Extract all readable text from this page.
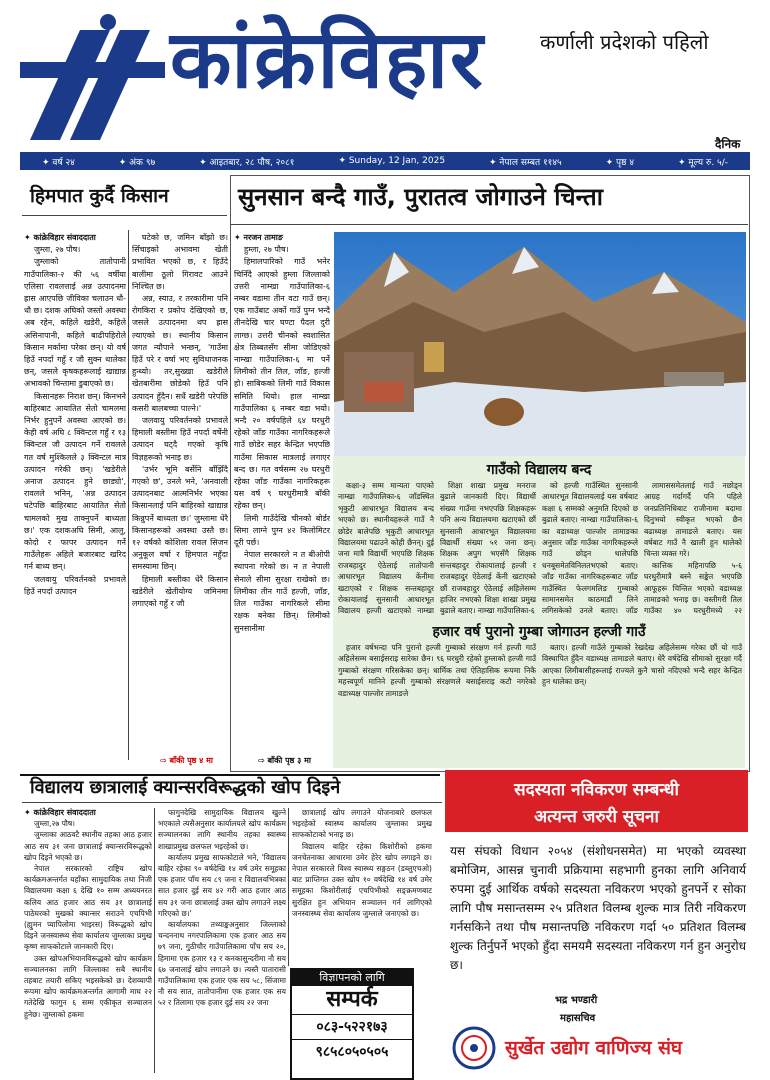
कांक्रेविहार	कर्णाली प्रदेशको पहिलो
दैनिक
✦ वर्ष २४	✦ अंक ९७	✦ आइतबार, २८ पौष, २०८१	✦ Sunday, 12 Jan, 2025	✦ नेपाल सम्बत ११४५	✦ पृष्ठ ४	✦ मूल्य रु. ५/-
हिमपात कुर्दै किसान
✦ कांक्रेविहार संवाददाता

जुम्ला, २७ पौष।

जुम्लाको तातोपानी गाउँपालिका-२ की ५६ वर्षीया एलिसा रावलत्ताई अन्न उत्पादनमा ह्रास आएपछि जीविका चलाउन धौ-धौ छ। दशक अघिको जस्तो अवस्था अब रहेन, कहिले खडेरी, कहिले असिनापानी, कहिले बाढीपहिरोले किसान मर्कामा परेका छन्। यो वर्ष हिउँ नपर्दा गहुँ र जौ सुक्न थालेका छन्, जसले कृषकहरूलाई खाद्यान्न अभावको चिन्तामा डुबाएको छ।

किसानहरू निराश छन्। किनभने बाहिरबाट आयातित सेतो चामलमा निर्भर हुनुपर्ने अवस्था आएको छ। केही वर्ष अघि ८ क्विन्टल गहुँ र १३ क्विन्टल जौ उत्पादन गर्ने रावलले गत वर्ष मुश्किलले ३ क्विन्टल मात्र उत्पादन गरेकी छन्। 'खडेरीले अनाज उत्पादन हुने छाड्यो', रावलले भनिन्, 'अन्न उत्पादन घटेपछि बाहिरबाट आयातित सेतो चामलको मुख ताक्नुपर्ने बाध्यता छ।' एक दशकअघि सिमी, आलु, कोदो र फापर उत्पादन गर्ने गाउँलेहरू अहिले बजारबाट खरिद गर्न बाध्य छन्।

जलवायु परिवर्तनको प्रभावले हिउँ नपर्दा उत्पादन

घटेको छ, जमिन बाँझो छ। सिँचाइको अभावमा खेती प्रभावित भएको छ, र हिउँदे बालीमा ठूलो गिरावट आउने निश्चित छ।

अन्न, स्याउ, र तरकारीमा पनि रोगकिरा र प्रकोप देखिएको छ, जसले उत्पादनमा थप ह्रास ल्याएको छ। स्थानीय किसान जगत न्यौपाने भन्छन्, 'गाउँमा हिउँ परे र वर्षा भए सुविधाजनक हुन्थ्यो। तर,सुख्खा खडेरीले खेतबारीमा छोडेको हिउँ पनि उत्पादन हुँदैन। सधैं खडेरी परेपछि कसरी बालबच्चा पाल्ने।'

जलवायु परिवर्तनको प्रभावले हिमाली बस्तीमा हिउँ नपर्दा वर्षेनी उत्पादन घट्दै गएको कृषि विज्ञहरूको भनाइ छ।

'उर्भर भूमि बर्सेनि बाँझिँदै गएको छ', उनले भने, 'अनवाली उत्पादनबाट आत्मनिर्भर भएका किसानलाई पनि बाहिरको खाद्यान्न किन्नुपर्ने बाध्यता छ।' जुम्लामा धेरै किसानहरूको अवस्था उस्तै छ। १२ वर्षको कोशिला रावल सिजन अनुकूल वर्षा र हिमपात नहुँदा समस्यामा छिन्।

हिमाली बस्तीका धेरै किसान खडेरीले खेतीयोग्य जमिनमा लगाएको गहुँ र जौ

⇨ बाँकी पृष्ठ ४ मा
सुनसान बन्दै गाउँ, पुरातत्व जोगाउने चिन्ता
✦ नरजन तामाङ

हुम्ला, २७ पौष।

हिमालपारिको गाउँ भनेर चिनिँदै आएको हुम्ला जिल्लाको उत्तरी नाम्खा गाउँपालिका-६ नम्बर वडामा तीन वटा गाउँ छन्। एक गाउँबाट अर्को गाउँ पुग्न भन्दै तीनदेखि चार घण्टा पैदल दुरी लाग्छ। उत्तरी चीनको स्वशासित क्षेत्र तिब्बतसँग सीमा जोडिएको नाम्खा गाउँपालिका-६ मा पर्ने लिमीको तीन तिल, जाँङ, हल्जी हो। साबिकको लिमी गाउँ विकास समिति थियो। हाल नाम्खा गाउँपालिका ६ नम्बर वडा भयो। भन्दै २० वर्षपहिले ६४ घरधुरी रहेको जाँङ गाउँका नागरिकहरूले गाउँ छोडेर सहर केन्द्रित भएपछि गाउँमा सिकास मात्रलाई लगाएर बन्द छ। गत वर्षसम्म २७ घरधुरी रहेका जाँङ गाउँका नागरिकहरू यस वर्ष ९ घरधुरीमात्रै बाँकी रहेका छन्।

लिमी गाउँदेखि चीनको बोर्डर सिमा लाग्ने पुग्न ४२ किलोमिटर दूरी पर्छ।

नेपाल सरकारले न त बीओपी स्थापना गरेको छ। न त नेपाली सेनाले सीमा सुरक्षा राखेको छ। लिमीका तीन गाउँ हल्जी, जाँङ, तिल गाउँका नागरिकले सीमा रक्षक बनेका छिन्। लिमीको सुनसानीमा

⇨ बाँकी पृष्ठ ३ मा
गाउँको विद्यालय बन्द

कक्षा-३ सम्म मान्यता पाएको नाम्खा गाउँपालिका-६ जाँडस्थित भृकुटी आधारभूत विद्यालय बन्द भएको छ। स्थानीयहरूले गाउँ नै छोडेर बालेपछि भृकुटी आधारभूत विद्यालयमा पढाउने कोही छैनन्। दुई जना मात्रै विद्यार्थी भएपछि शिक्षक राजबहादुर ऐठेलाई तातोपानी आधारभूत विद्यालय केंनीमा खटाएको र शिक्षक सन्तबहादुर रोकायालाई सुनसानी आधारभूत विद्यालय हल्जी खटाएको नाम्खा

शिक्षा शाखा प्रमुख मनराज बुढाले जानकारी दिए। विद्यार्थी संख्या गाउँमा नभएपछि शिक्षकहरू पनि अन्य विद्यालयमा खटाएको छौं सुनसानी आधारभूत विद्यालयमा विद्यार्थी संख्या ५१ जना छन्। शिक्षक अपुग भएसँगै शिक्षक सन्तबहादुर रोकायालाई हल्जी र राजबहादुर ऐठेलाई केंनी खटाएको छौं राजबहादुर ऐठेलाई अहिलेसम्म हाजिर नभएको शिक्षा शाखा प्रमुख बुढाले बताए। नाम्खा गाउँपालिका-६

को हल्जी गाउँस्थित सुनसानी आधारभूत विद्यालयलाई यस वर्षबाट कक्षा ६ सम्मको अनुमति दिएको छ बुढाले बताए। नाम्खा गाउँपालिका-६ का वडाध्यक्ष पाल्जोर तामाङका अनुसार जाँङ गाउँका नागरिकहरूले गाउँ छोड्न थालेपछि धनबूसमेतविनिलतभएको बताए। जाँङ गाउँका नागरिकहरूबाट जाँङ गाउँस्थित फेलगमलिङ गुम्बाको सामानसमेत काठमाडौं लिने लगिसकेको उनले बताए। जाँङ

लामाससमेतलाई गाउँ नछोड्न आग्रह गर्दागर्दै पनि पहिले जनप्रतिनिधिबाट राजीनामा बदामा दिनुभयो स्वीकृत भएको छैन बढाध्यक्ष तामाङले बताए। यस वर्षबाट गाउँ नै खाली हुन थालेको चिन्ता व्यक्त गरे।

कात्तिक महिनापछि ५-६ घरधुरीमात्रै बस्ने सङ्केत भएपछि आफूहरू चिन्तित भएको वडाध्यक्ष तामाङको भनाइ छ। वस्तीगरी तिल गाउँका ४० घरधुरीमध्ये २२

हजार वर्ष पुरानो गुम्बा जोगाउन हल्जी गाउँ

हजार वर्षभन्दा पनि पुरानो हल्जी गुम्बाको संरक्षण गर्न हल्जी गाउँ अहिलेसम्म बसाईसराइ सारेका छैन। ९६ घरधुरी रहेको हुम्लाको हल्जी गाउँ गुम्बाको संरक्षण गरिसकेका छन्। धार्मिक तथा ऐतिहासिक रूपमा निकै महत्त्वपूर्ण मानिने हल्जी गुम्बाको संरक्षणले बसाईसराइ कटौ नगरेको वडाध्यक्ष पाल्जोर तामाङले

बताए। हल्जी गाउँले गुम्बाको रेखदेख अहिलेसम्म गरेका छौं यो गाउँ विस्थापित हुँदैन वडाध्यक्ष तामाङले बताए। धेरै वर्षदेखि सीमाको सुरक्षा गर्दै आएका लिमीबासीहरूलाई राज्यले कुनै चासो नदिएको भन्दै सहर केन्द्रित हुन थालेका छन्।

विद्यालय छात्रालाई क्यान्सरविरूद्धको खोप दिइने
✦ कांक्रेविहार संवाददाता

जुम्ला,२७ पौष।

जुम्लाका आठवटै स्थानीय तहका आठ हजार आठ सय ३१ जना छात्रालाई क्यान्सरविरूद्धको खोप दिइने भएको छ।

नेपाल सरकारको राष्ट्रिय खोप कार्यक्रमअन्तर्गत यहाँका सामुदायिक तथा निजी विद्यालयमा कक्षा ६ देखि १० सम्म अध्ययनरत कलिय आठ हजार आठ सय ३१ छात्रालाई पाठेघरको मुखको क्यान्सर सराउने एचपिभी (ह्युमन प्यापिलोमा भाइरस) विरूद्धको खोप दिइने जनस्वास्थ्य सेवा कार्यालय जुम्लाका प्रमुख कृष्ण साफकोटाले जानकारी दिए।

उक्त खोपअभियानविरूद्धको खोप कार्यक्रम सञ्चालनका लागि जिल्लाका सबै स्थानीय तहबाट तयारी सकिए भइसकेको छ। देशव्यापी रूपमा खोप कार्यक्रमअन्तर्गत आगामी माघ २२ गतेदेखि फागुन ६ सम्म एकीकृत सञ्चालन हुनेछ। जुम्लाको हकमा

फागुनदेखि सामुदायिक विद्यालय खुल्ने भएकाले त्यसैअनुसार कार्यालयले खोप कार्यक्रम सञ्चालनका लागि स्थानीय तहका स्वास्थ्य शाखाप्रमुख छलफल भइरहेको छ।

कार्यालय प्रमुख साफकोटाले भने, 'विद्यालय बाहिर रहेका ९० वर्षदेखि १४ वर्ष उमेर समूहका एक हजार पाँच सय ८९ जना र विद्यालयभित्रका सात हजार दुई सय ४२ गरी आठ हजार आठ सय ३१ जना छात्रालाई उक्त खोप लगाउने लक्ष्य गरिएको छ।'

कार्यालयका तथ्याङ्कअनुसार जिल्लाको चन्दननाथ नगरपालिकामा एक हजार आठ सय ७९ जना, गुठीचौर गाउँपालिकामा पाँच सय २०, हिमामा एक हजार १३ र कनकासुन्दरीमा नौ सय ६७ जनालाई खोप लगाउने छ। त्यस्तै पातारासी गाउँपालिकामा एक हजार एक सय ५८, सिंजामा नौ सय सात, तातोपानीमा एक हजार एक सय ५२ र तिलामा एक हजार दुई सय २२ जना

छात्रालाई खोप लगाउने योजनाबारे छलफल भइरहेको स्वास्थ्य कार्यालय जुम्लाका प्रमुख साफकोटाको भनाइ छ।

विद्यालय बाहिर रहेका किशोरीको हकमा जनचेतनाका आधारमा उमेर हेरेर खोप लगाइने छ। नेपाल सरकारले विश्व स्वास्थ्य सङ्गठन (डब्लुएचओ) बाट प्राप्तिगत उक्त खोप १० वर्षदेखि १४ वर्ष उमेर समूहका किशोरीलाई एचपिभीको सङ्क्रमणबाट सुरक्षित हुन अभियान सञ्चालन गर्न लागिएको जनस्वास्थ्य सेवा कार्यालय जुम्लाले जनाएको छ।

विज्ञापनको लागि
सम्पर्क
०८३-५२२१७३
९८५८०५०५०५
सदस्यता नविकरण सम्बन्धी
अत्यन्त जरुरी सूचना
यस संघको विधान २०५४ (संशोधनसमेत) मा भएको व्यवस्था बमोजिम, आसन्न चुनावी प्रक्रियामा सहभागी हुनका लागि अनिवार्य रुपमा दुई आर्थिक वर्षको सदस्यता नविकरण भएको हुनपर्ने र सोका लागि पौष मसान्तसम्म २५ प्रतिशत विलम्ब शुल्क मात्र तिरी नविकरण गर्नसकिने तथा पौष मसान्तपछि नविकरण गर्दा ५० प्रतिशत विलम्ब शुल्क तिर्नुपर्ने भएको हुँदा समयमै सदस्यता नविकरण गर्न हुन अनुरोध छ।
भद्र भण्डारी
महासचिव
सुर्खेत उद्योग वाणिज्य संघ
